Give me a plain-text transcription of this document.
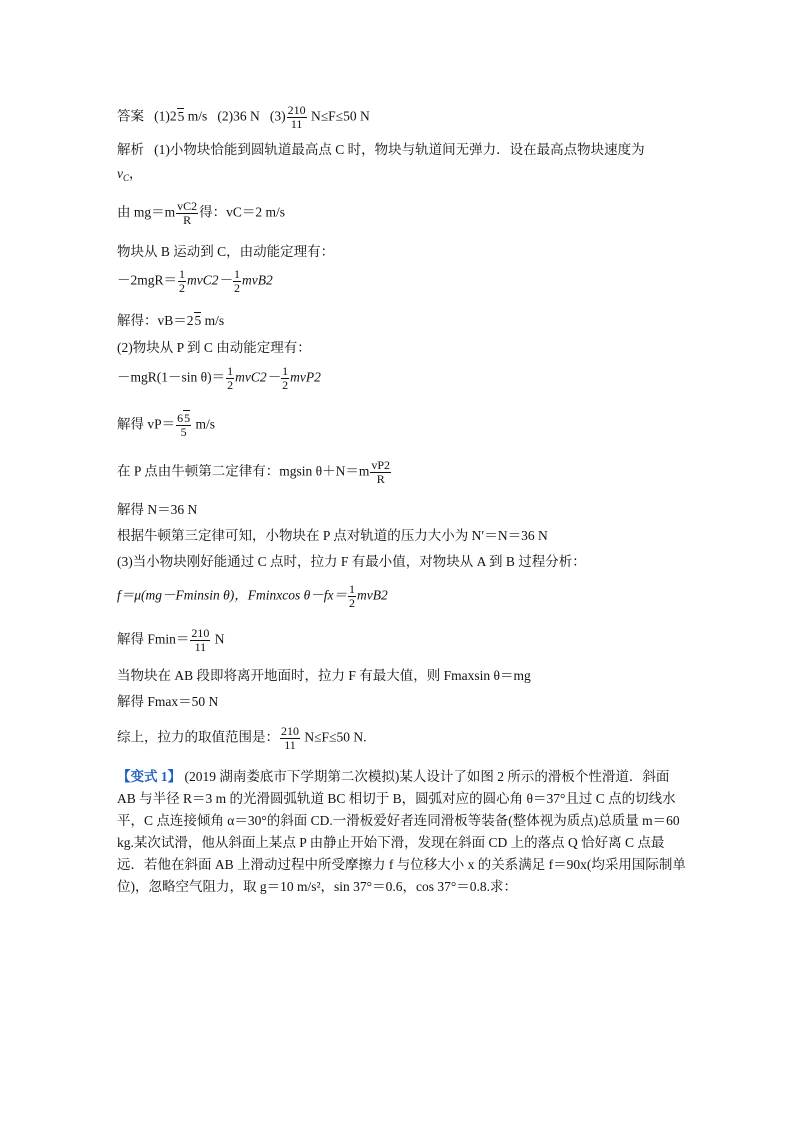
答案 (1)25 m/s (2)36 N $(3) \frac{210}{11} N\le F\le 50$ N
解析 (1)小物块恰能到圆轨道最高点 C 时，物块与轨道间无弹力．设在最高点物块速度为
$v_C$，
由 $mg=m \frac{vC2}{R}$ 得：vC＝2 m/s
物块从 B 运动到 C，由动能定理有：
$-2mgR= \frac{1}{2} mvC2- \frac{1}{2} mvB2$
解得：vB＝25 m/s
(2)物块从 P 到 C 由动能定理有：
－mgR(1－sin $\theta)= \frac{1}{2} mvC2- \frac{1}{2} mvP2$
解得 $vP= \frac{65}{5} m/s$
在 P 点由牛顿第二定律有：mgsin $\theta+N=m \frac{vP2}{R}$
解得 N＝36 N
根据牛顿第三定律可知，小物块在 P 点对轨道的压力大小为 N′＝N＝36 N
(3)当小物块刚好能通过 C 点时，拉力 F 有最小值，对物块从 A 到 B 过程分析：
f＝μ(mg－Fminsin θ)，Fminxcos $\theta-fx= \frac{1}{2} mvB2$
解得 $Fmin= \frac{210}{11}$ N
当物块在 AB 段即将离开地面时，拉力 F 有最大值，则 Fmaxsin θ＝mg
解得 Fmax＝50 N
综上，拉力的取值范围是： $\frac{210}{11} N\le F\le 50$ N.
【变式 1】 (2019 湖南娄底市下学期第二次模拟)某人设计了如图 2 所示的滑板个性滑道．斜面 AB 与半径 R＝3 m 的光滑圆弧轨道 BC 相切于 B，圆弧对应的圆心角 θ＝37°且过 C 点的切线水平，C 点连接倾角 α＝30°的斜面 CD.一滑板爱好者连同滑板等装备(整体视为质点)总质量 m＝60 kg.某次试滑，他从斜面上某点 P 由静止开始下滑，发现在斜面 CD 上的落点 Q 恰好离 C 点最远．若他在斜面 AB 上滑动过程中所受摩擦力 f 与位移大小 x 的关系满足 f＝90x(均采用国际制单位)，忽略空气阻力，取 g＝10 m/s²，sin 37°＝0.6，cos 37°＝0.8.求：
